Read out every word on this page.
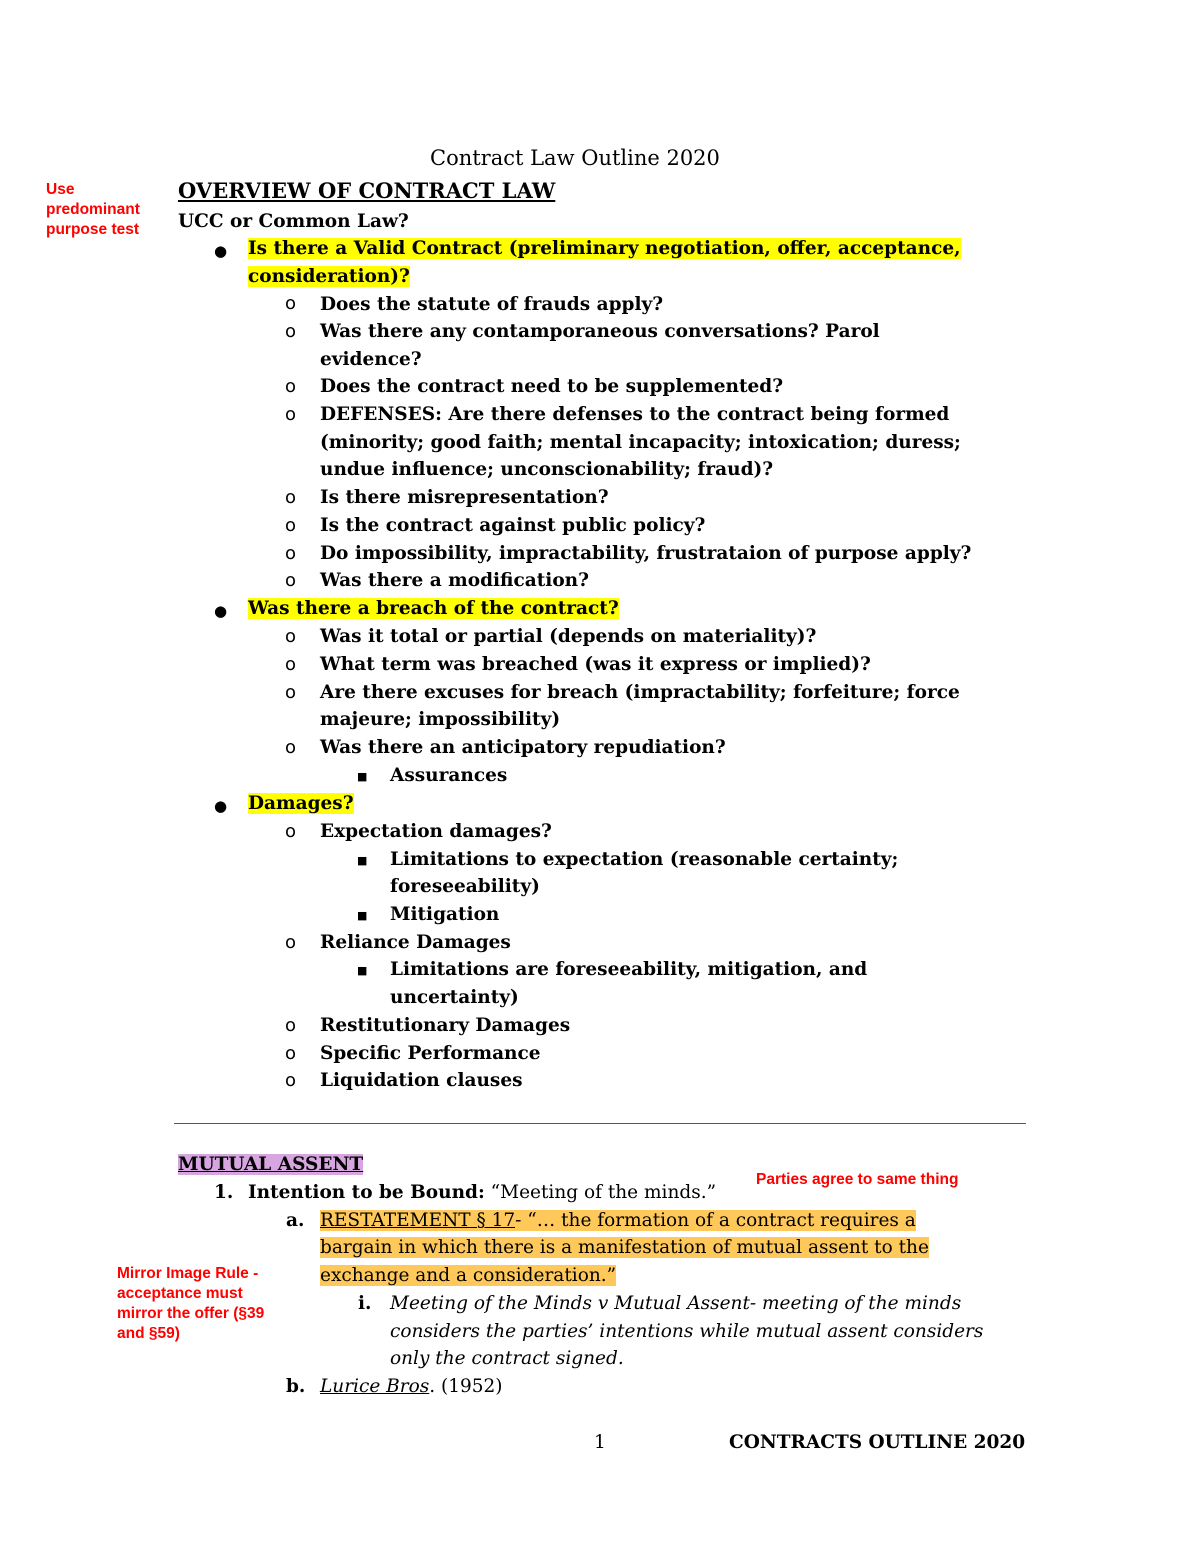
Contract Law Outline 2020
OVERVIEW OF CONTRACT LAW
UCC or Common Law?
Use predominant purpose test
● Is there a Valid Contract (preliminary negotiation, offer, acceptance,
consideration)?
o Does the statute of frauds apply?
o Was there any contamporaneous conversations? Parol
evidence?
o Does the contract need to be supplemented?
o DEFENSES: Are there defenses to the contract being formed
(minority; good faith; mental incapacity; intoxication; duress;
undue influence; unconscionability; fraud)?
o Is there misrepresentation?
o Is the contract against public policy?
o Do impossibility, impractability, frustrataion of purpose apply?
o Was there a modification?
● Was there a breach of the contract?
o Was it total or partial (depends on materiality)?
o What term was breached (was it express or implied)?
o Are there excuses for breach (impractability; forfeiture; force
majeure; impossibility)
o Was there an anticipatory repudiation?
■ Assurances
● Damages?
o Expectation damages?
■ Limitations to expectation (reasonable certainty;
foreseeability)
■ Mitigation
o Reliance Damages
■ Limitations are foreseeability, mitigation, and
uncertainty)
o Restitutionary Damages
o Specific Performance
o Liquidation clauses
MUTUAL ASSENT
Parties agree to same thing
1. Intention to be Bound: “Meeting of the minds.”
a. RESTATEMENT § 17- “… the formation of a contract requires a
bargain in which there is a manifestation of mutual assent to the
exchange and a consideration.”
Mirror Image Rule - acceptance must mirror the offer (§39 and §59)
i. Meeting of the Minds v Mutual Assent- meeting of the minds
considers the parties’ intentions while mutual assent considers
only the contract signed.
b. Lurice Bros. (1952)
1	CONTRACTS OUTLINE 2020
